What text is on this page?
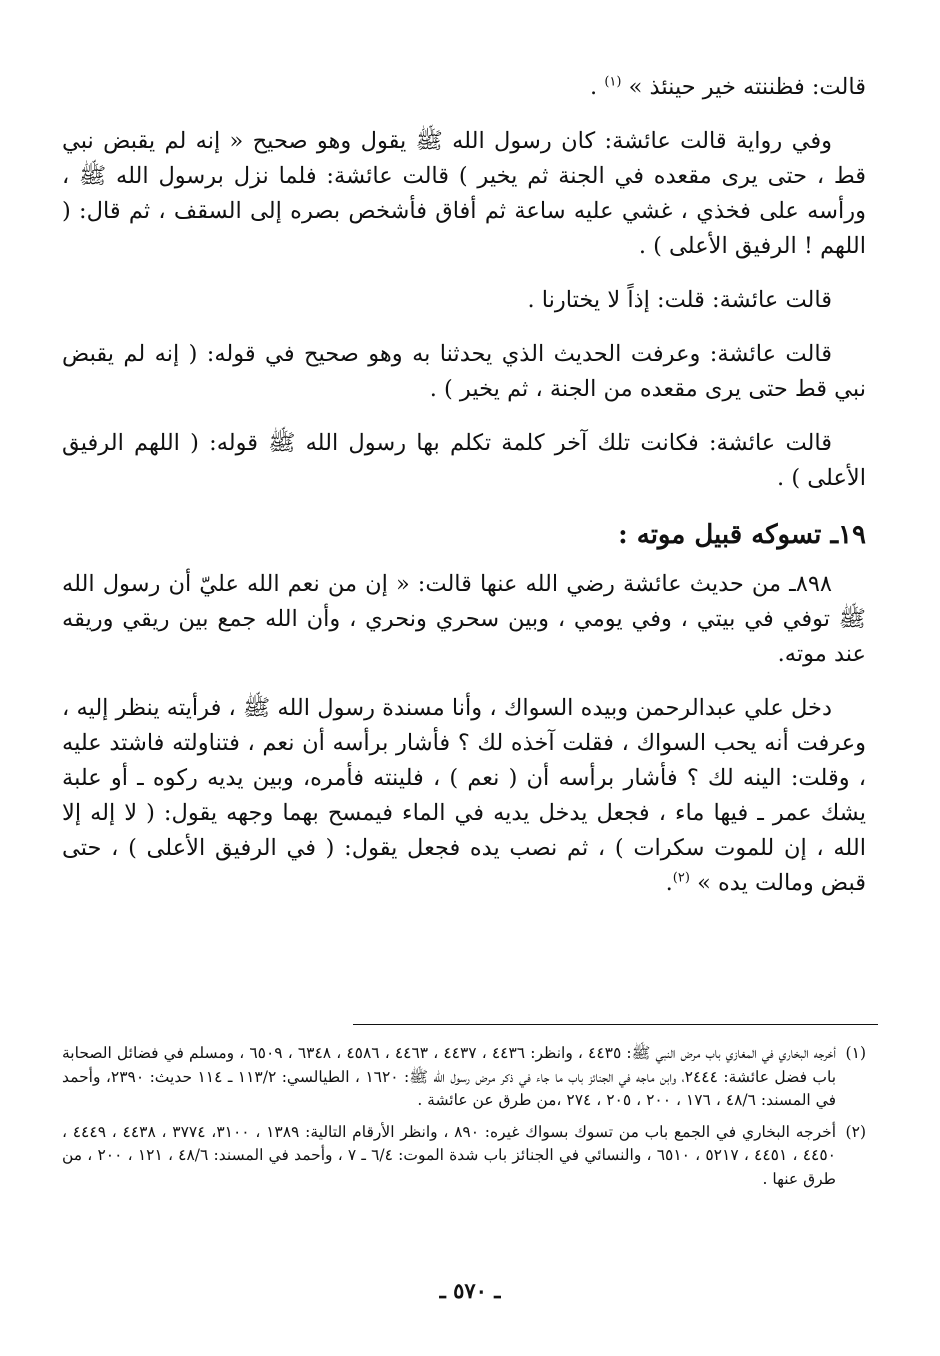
قالت: فظننته خير حينئذ » $^{(١)}$ .

وفي رواية قالت عائشة: كان رسول الله ﷺ يقول وهو صحيح « إنه لم يقبض نبي قط ، حتى يرى مقعده في الجنة ثم يخير ) قالت عائشة: فلما نزل برسول الله ﷺ ، ورأسه على فخذي ، غشي عليه ساعة ثم أفاق فأشخص بصره إلى السقف ، ثم قال: ( اللهم ! الرفيق الأعلى ) .

قالت عائشة: قلت: إذاً لا يختارنا .

قالت عائشة: وعرفت الحديث الذي يحدثنا به وهو صحيح في قوله: ( إنه لم يقبض نبي قط حتى يرى مقعده من الجنة ، ثم يخير ) .

قالت عائشة: فكانت تلك آخر كلمة تكلم بها رسول الله ﷺ قوله: ( اللهم الرفيق الأعلى ) .

١٩ـ تسوكه قبيل موته :

٨٩٨ـ من حديث عائشة رضي الله عنها قالت: « إن من نعم الله عليّ أن رسول الله ﷺ توفي في بيتي ، وفي يومي ، وبين سحري ونحري ، وأن الله جمع بين ريقي وريقه عند موته.

دخل علي عبدالرحمن وبيده السواك ، وأنا مسندة رسول الله ﷺ ، فرأيته ينظر إليه ، وعرفت أنه يحب السواك ، فقلت آخذه لك ؟ فأشار برأسه أن نعم ، فتناولته فاشتد عليه ، وقلت: الينه لك ؟ فأشار برأسه أن ( نعم ) ، فلينته فأمره، وبين يديه ركوه ـ أو علبة يشك عمر ـ فيها ماء ، فجعل يدخل يديه في الماء فيمسح بهما وجهه يقول: ( لا إله إلا الله ، إن للموت سكرات ) ، ثم نصب يده فجعل يقول: ( في الرفيق الأعلى ) ، حتى قبض ومالت يده » $^{(٢)}$.

(١)
أخرجه البخاري في المغازي باب مرض النبي ﷺ: ٤٤٣٥ ، وانظر: ٤٤٣٦ ، ٤٤٣٧ ، ٤٤٦٣ ، ٤٥٨٦ ، ٦٣٤٨ ، ٦٥٠٩ ، ومسلم في فضائل الصحابة باب فضل عائشة: ٢٤٤٤، وابن ماجه في الجنائز باب ما جاء في ذكر مرض رسول الله ﷺ: ١٦٢٠ ، الطيالسي: ١١٣/٢ ـ ١١٤ حديث: ٢٣٩٠، وأحمد في المسند: ٤٨/٦ ، ١٧٦ ، ٢٠٠ ، ٢٠٥ ، ٢٧٤ ،من طرق عن عائشة .

(٢)
أخرجه البخاري في الجمع باب من تسوك بسواك غيره: ٨٩٠ ، وانظر الأرقام التالية: ١٣٨٩ ، ٣١٠٠، ٣٧٧٤ ، ٤٤٣٨ ، ٤٤٤٩ ، ٤٤٥٠ ، ٤٤٥١ ، ٥٢١٧ ، ٦٥١٠ ، والنسائي في الجنائز باب شدة الموت: ٦/٤ ـ ٧ ، وأحمد في المسند: ٤٨/٦ ، ١٢١ ، ٢٠٠ ، من طرق عنها .

ـ ٥٧٠ ـ
